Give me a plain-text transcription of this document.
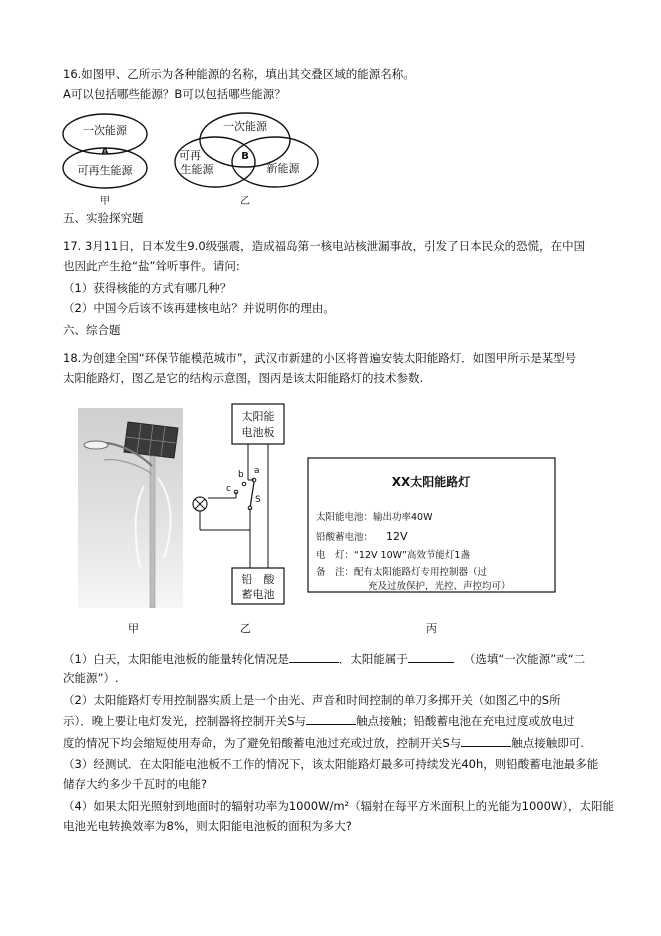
16.如图甲、乙所示为各种能源的名称，填出其交叠区域的能源名称。
A可以包括哪些能源？B可以包括哪些能源？
一次能源
A
可再生能源
甲
一次能源
B
可再
生能源	新能源
乙
五、实验探究题
17. 3月11日，日本发生9.0级强震，造成福岛第一核电站核泄漏事故，引发了日本民众的恐慌，在中国
也因此产生抢“盐”耸听事件。请问:
（1）获得核能的方式有哪几种？
（2）中国今后该不该再建核电站？并说明你的理由。
六、综合题
18.为创建全国“环保节能模范城市”，武汉市新建的小区将普遍安装太阳能路灯．如图甲所示是某型号
太阳能路灯，图乙是它的结构示意图，图丙是该太阳能路灯的技术参数.
甲
太阳能
电池板
铅　酸
蓄电池
a
b
c
S
乙
XX太阳能路灯
太阳能电池：输出功率40W
铅酸蓄电池： 12V
电　灯：“12V 10W”高效节能灯1盏
备　注：配有太阳能路灯专用控制器（过
充及过放保护，光控、声控均可）
丙
（1）白天，太阳能电池板的能量转化情况是	．太阳能属于	（选填“一次能源”或“二
次能源”）.
（2）太阳能路灯专用控制器实质上是一个由光、声音和时间控制的单刀多掷开关（如图乙中的S所
示）．晚上要让电灯发光，控制器将控制开关S与	触点接触；铅酸蓄电池在充电过度或放电过
度的情况下均会缩短使用寿命，为了避免铅酸蓄电池过充或过放，控制开关S与	触点接触即可.
（3）经测试．在太阳能电池板不工作的情况下，该太阳能路灯最多可持续发光40h，则铅酸蓄电池最多能
储存大约多少千瓦时的电能?
（4）如果太阳光照射到地面时的辐射功率为1000W/m²（辐射在每平方米面积上的光能为1000W），太阳能
电池光电转换效率为8%，则太阳能电池板的面积为多大?
